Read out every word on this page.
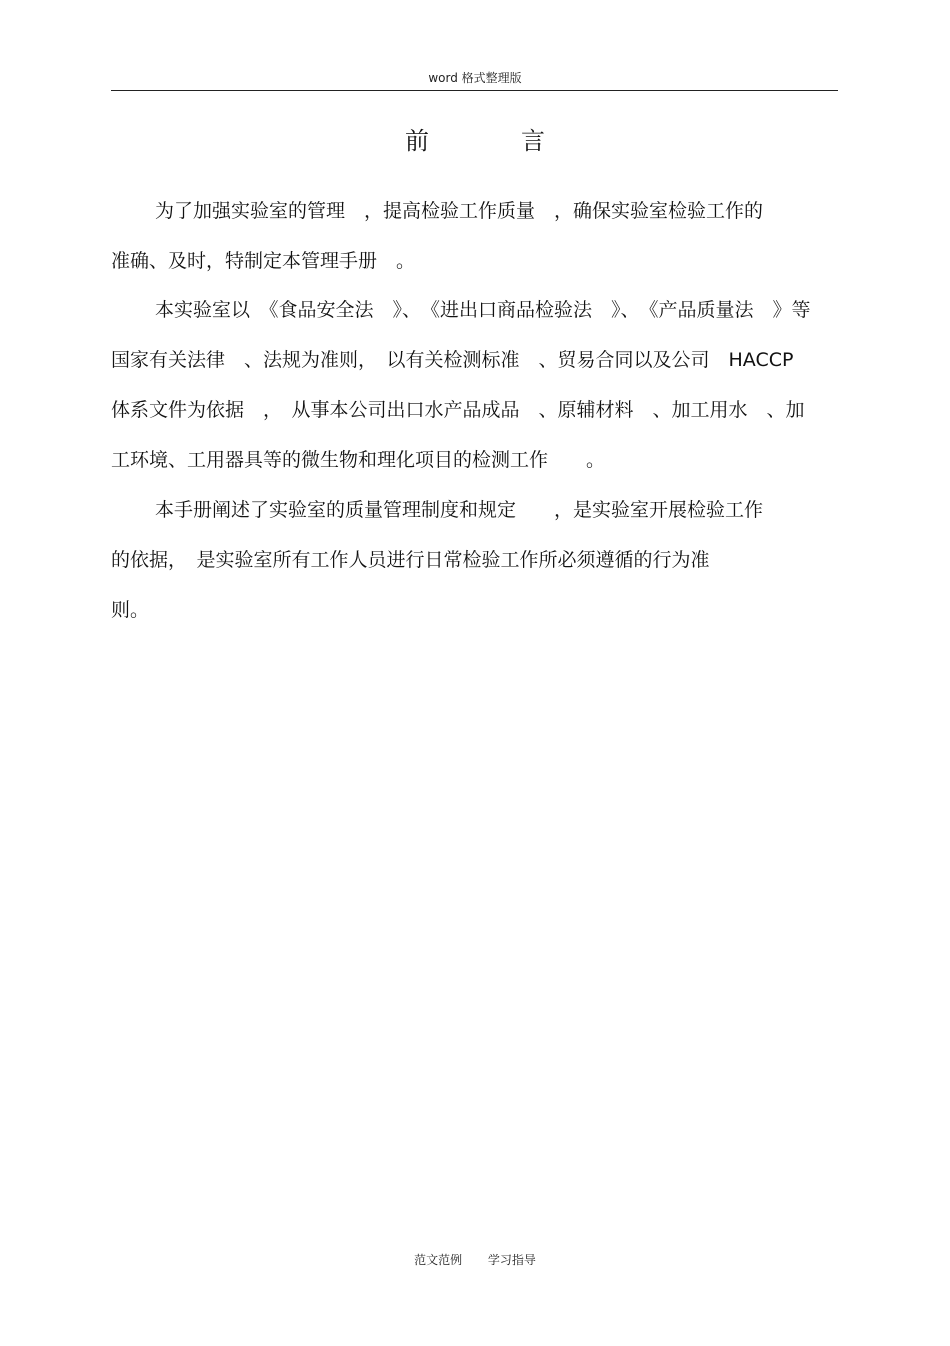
word 格式整理版
前　言

为了加强实验室的管理　，提高检验工作质量　，确保实验室检验工作的
准确、及时，特制定本管理手册　。

本实验室以　《食品安全法　》、　《进出口商品检验法　》、　《产品质量法　》等
国家有关法律　、法规为准则，　以有关检测标准　、贸易合同以及公司　HACCP
体系文件为依据　，　从事本公司出口水产品成品　、原辅材料　、加工用水　、加
工环境、工用器具等的微生物和理化项目的检测工作　　。

本手册阐述了实验室的质量管理制度和规定　　，是实验室开展检验工作
的依据，　是实验室所有工作人员进行日常检验工作所必须遵循的行为准
则。

范文范例 学习指导
